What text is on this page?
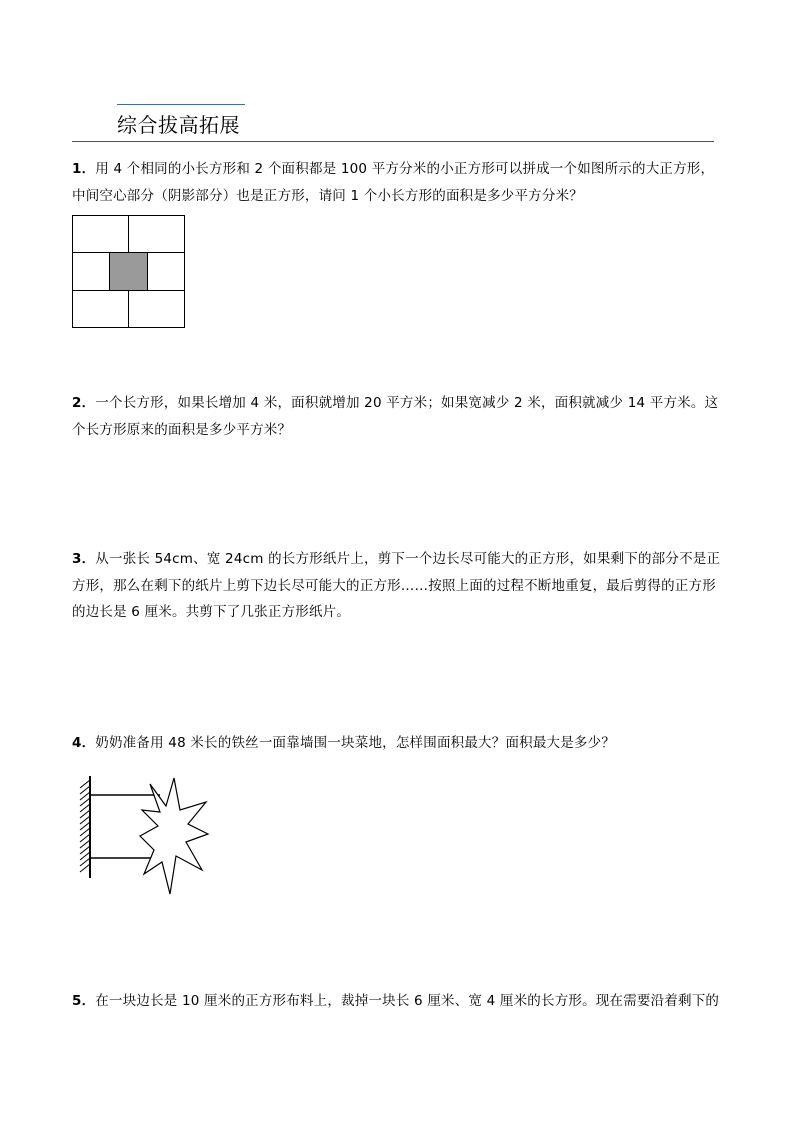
综合拔高拓展
1．用 4 个相同的小长方形和 2 个面积都是 100 平方分米的小正方形可以拼成一个如图所示的大正方形，中间空心部分（阴影部分）也是正方形，请问 1 个小长方形的面积是多少平方分米？
2．一个长方形，如果长增加 4 米，面积就增加 20 平方米；如果宽减少 2 米，面积就减少 14 平方米。这个长方形原来的面积是多少平方米？
3．从一张长 54cm、宽 24cm 的长方形纸片上，剪下一个边长尽可能大的正方形，如果剩下的部分不是正方形，那么在剩下的纸片上剪下边长尽可能大的正方形……按照上面的过程不断地重复，最后剪得的正方形的边长是 6 厘米。共剪下了几张正方形纸片。
4．奶奶准备用 48 米长的铁丝一面靠墙围一块菜地，怎样围面积最大？面积最大是多少？
5．在一块边长是 10 厘米的正方形布料上，裁掉一块长 6 厘米、宽 4 厘米的长方形。现在需要沿着剩下的
